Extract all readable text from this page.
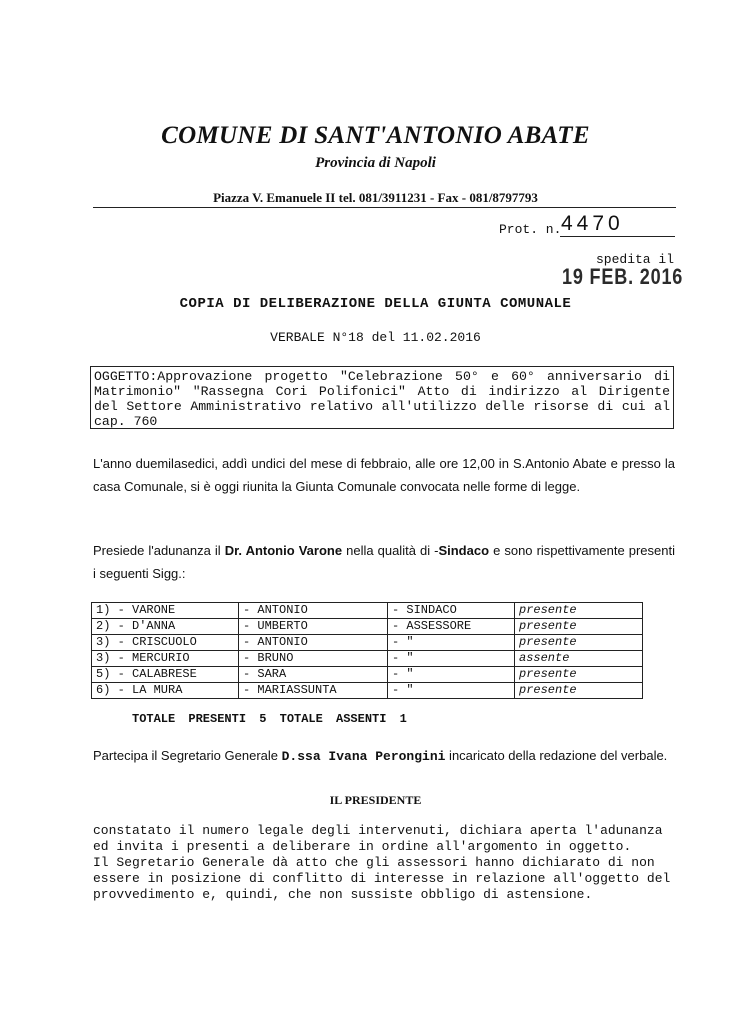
COMUNE DI SANT'ANTONIO ABATE
Provincia di Napoli
Piazza V. Emanuele II tel. 081/3911231 - Fax - 081/8797793
Prot. n. 4470
spedita il
19 FEB. 2016
COPIA DI DELIBERAZIONE DELLA GIUNTA COMUNALE
VERBALE N°18 del 11.02.2016
OGGETTO:Approvazione progetto "Celebrazione 50° e 60° anniversario di Matrimonio" "Rassegna Cori Polifonici" Atto di indirizzo al Dirigente del Settore Amministrativo relativo all'utilizzo delle risorse di cui al cap. 760
L'anno duemilasedici, addì undici del mese di febbraio, alle ore 12,00 in S.Antonio Abate e presso la casa Comunale, si è oggi riunita la Giunta Comunale convocata nelle forme di legge.
Presiede l'adunanza il Dr. Antonio Varone nella qualità di -Sindaco e sono rispettivamente presenti i seguenti Sigg.:
1) - VARONE	- ANTONIO	- SINDACO	presente
2) - D'ANNA	- UMBERTO	- ASSESSORE	presente
3) - CRISCUOLO	- ANTONIO	- "	presente
3) - MERCURIO	- BRUNO	- "	assente
5) - CALABRESE	- SARA	- "	presente
6) - LA MURA	- MARIASSUNTA	- "	presente
TOTALE PRESENTI 5 TOTALE ASSENTI 1
Partecipa il Segretario Generale D.ssa Ivana Perongini incaricato della redazione del verbale.
IL PRESIDENTE

constatato il numero legale degli intervenuti, dichiara aperta l'adunanza ed invita i presenti a deliberare in ordine all'argomento in oggetto.

Il Segretario Generale dà atto che gli assessori hanno dichiarato di non essere in posizione di conflitto di interesse in relazione all'oggetto del provvedimento e, quindi, che non sussiste obbligo di astensione.
